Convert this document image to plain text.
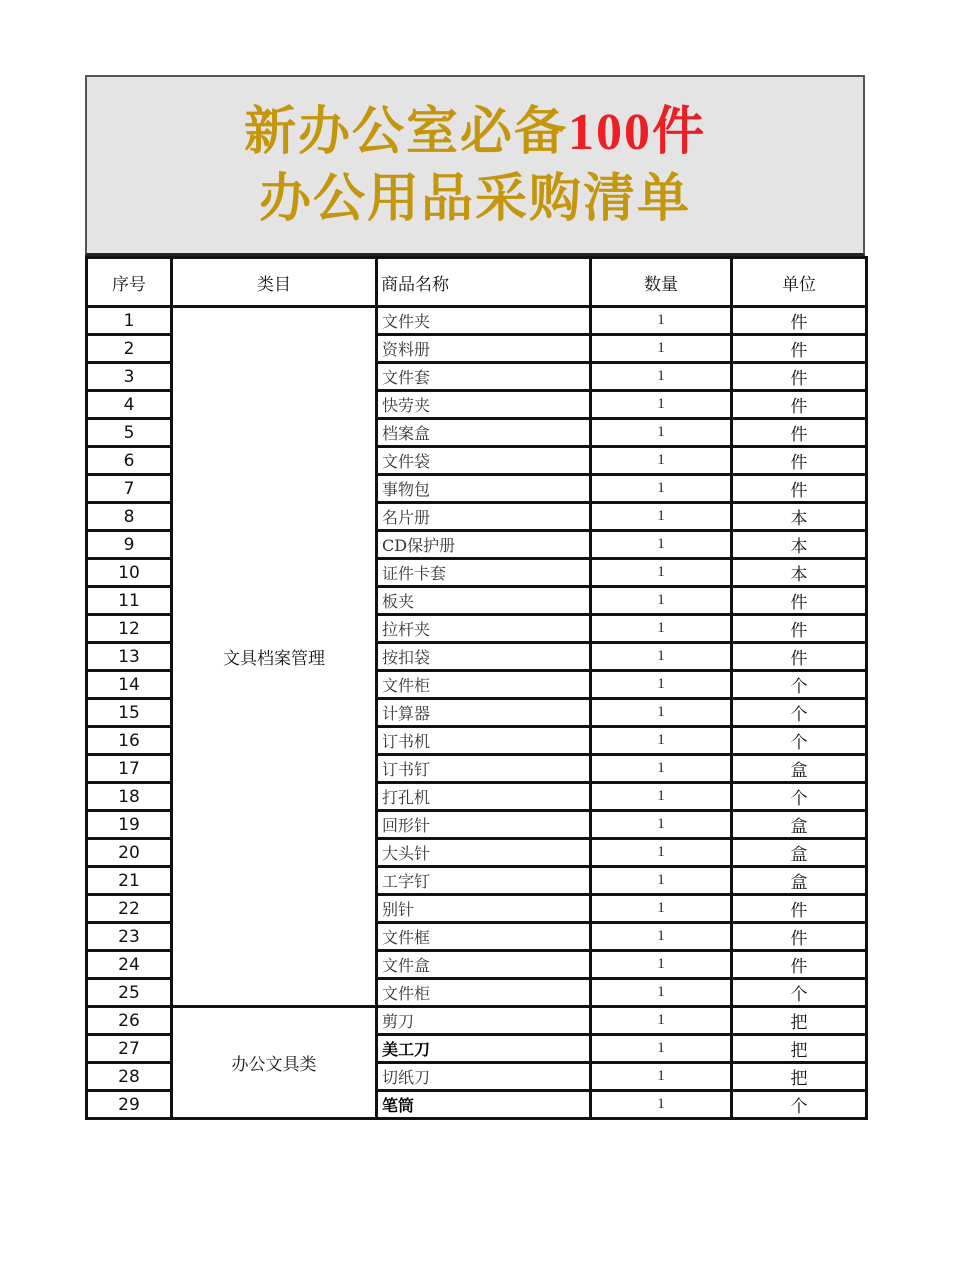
新办公室必备100件
办公用品采购清单
序号	类目	商品名称	数量	单位
1	文具档案管理	文件夹	1	件
2		资料册	1	件
3		文件套	1	件
4		快劳夹	1	件
5		档案盒	1	件
6		文件袋	1	件
7		事物包	1	件
8		名片册	1	本
9		CD保护册	1	本
10		证件卡套	1	本
11		板夹	1	件
12		拉杆夹	1	件
13		按扣袋	1	件
14		文件柜	1	个
15		计算器	1	个
16		订书机	1	个
17		订书钉	1	盒
18		打孔机	1	个
19		回形针	1	盒
20		大头针	1	盒
21		工字钉	1	盒
22		别针	1	件
23		文件框	1	件
24		文件盒	1	件
25		文件柜	1	个
26	办公文具类	剪刀	1	把
27		美工刀	1	把
28		切纸刀	1	把
29		笔筒	1	个
